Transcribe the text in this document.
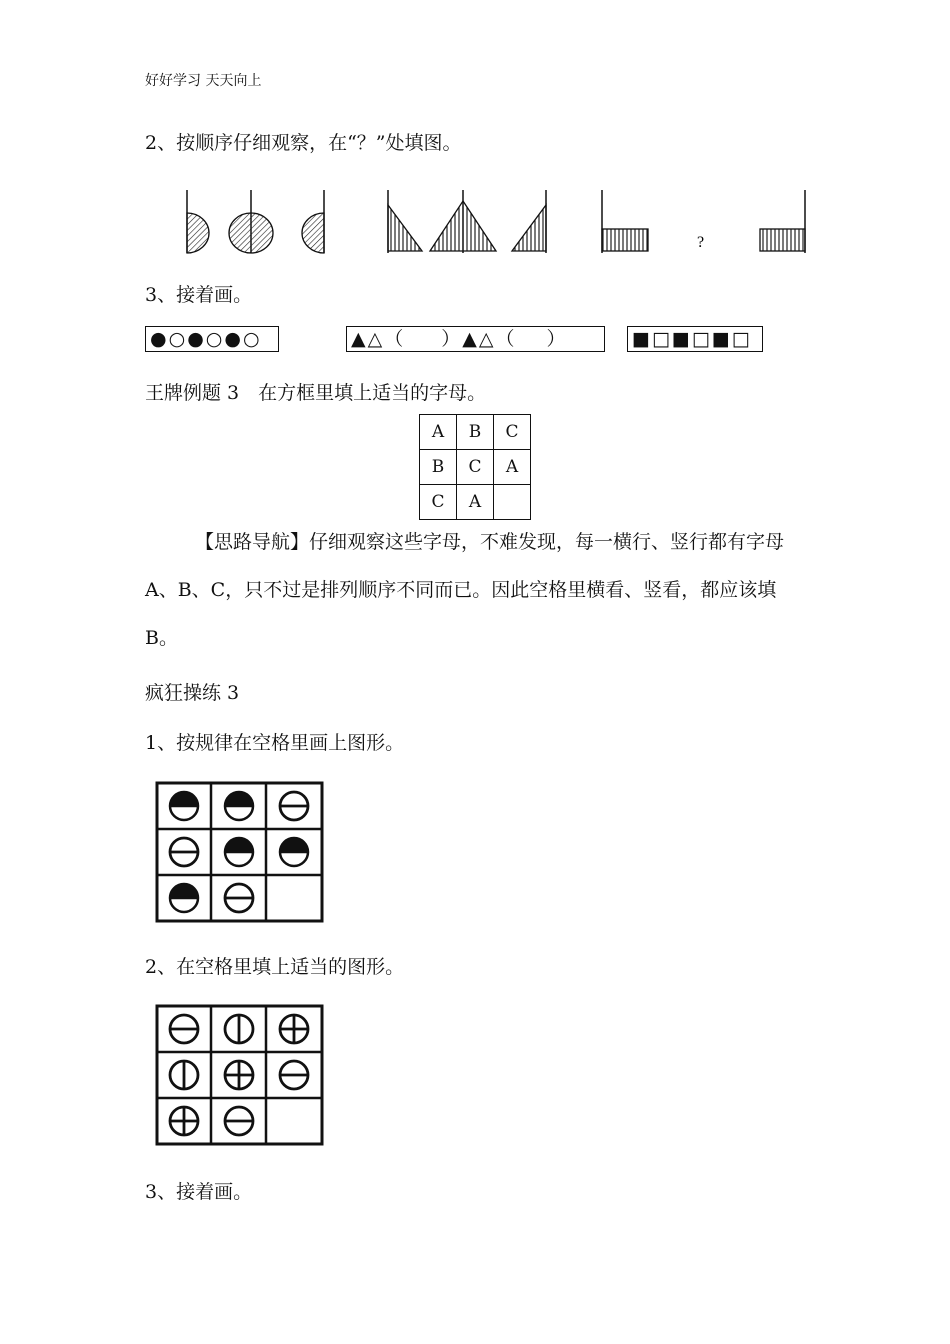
好好学习 天天向上
2、按顺序仔细观察，在“？”处填图。
?
3、接着画。
● ○ ● ○ ● ○	▲ △ （ ） ▲ △ （ ）	■ □ ■ □ ■ □
王牌例题 3　在方框里填上适当的字母。
A	B	C
B	C	A
C	A	
【思路导航】仔细观察这些字母，不难发现，每一横行、竖行都有字母 A、B、C，只不过是排列顺序不同而已。因此空格里横看、竖看，都应该填 B。
疯狂操练 3
1、按规律在空格里画上图形。
2、在空格里填上适当的图形。
3、接着画。
